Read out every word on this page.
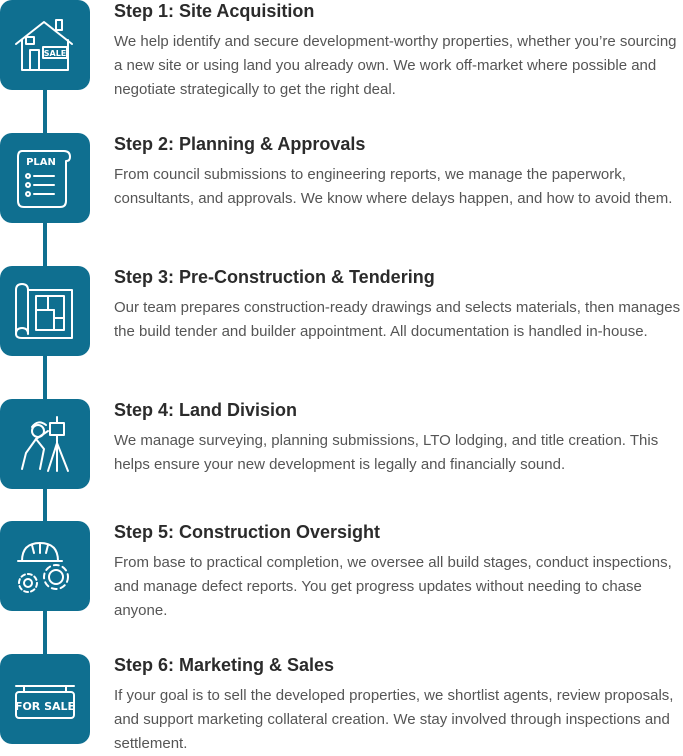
SALE
Step 1: Site Acquisition

We help identify and secure development-worthy properties, whether you’re sourcing a new site or using land you already own. We work off-market where possible and negotiate strategically to get the right deal.

PLAN
Step 2: Planning & Approvals

From council submissions to engineering reports, we manage the paperwork, consultants, and approvals. We know where delays happen, and how to avoid them.

Step 3: Pre-Construction & Tendering

Our team prepares construction-ready drawings and selects materials, then manages the build tender and builder appointment. All documentation is handled in-house.

Step 4: Land Division

We manage surveying, planning submissions, LTO lodging, and title creation. This helps ensure your new development is legally and financially sound.

Step 5: Construction Oversight

From base to practical completion, we oversee all build stages, conduct inspections, and manage defect reports. You get progress updates without needing to chase anyone.

FOR SALE
Step 6: Marketing & Sales

If your goal is to sell the developed properties, we shortlist agents, review proposals, and support marketing collateral creation. We stay involved through inspections and settlement.
